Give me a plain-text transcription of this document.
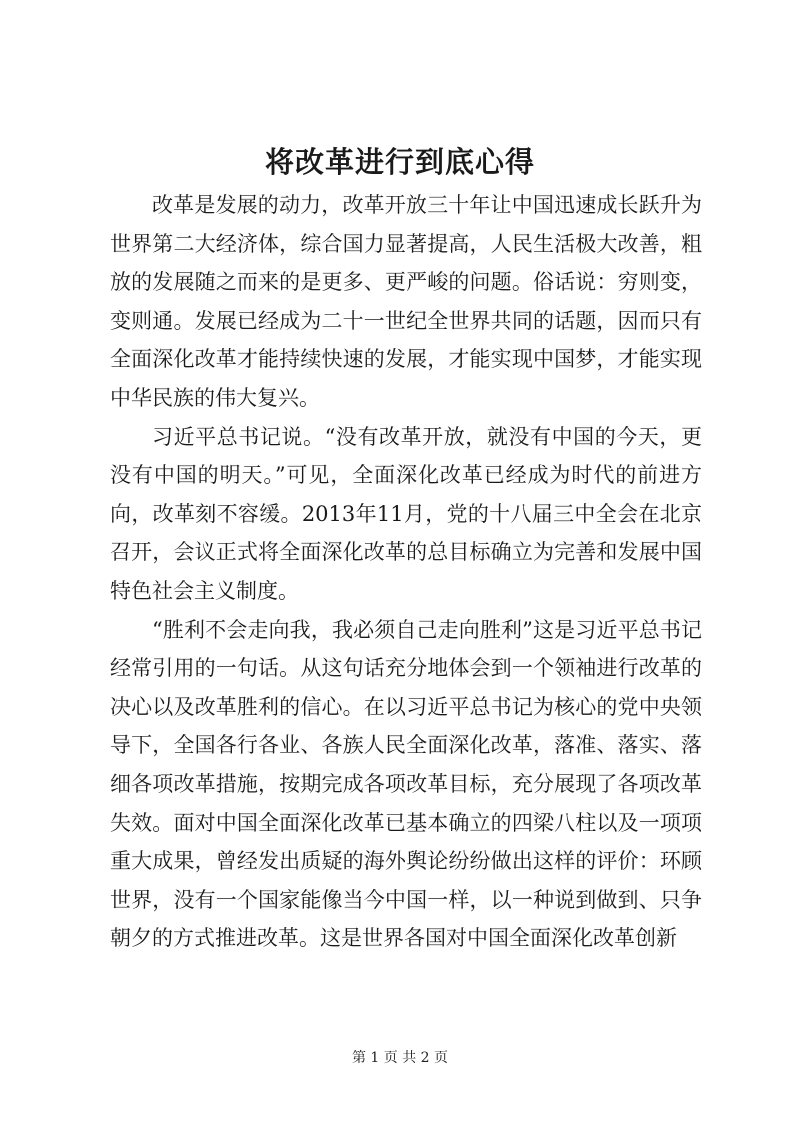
将改革进行到底心得

改革是发展的动力，改革开放三十年让中国迅速成长跃升为世界第二大经济体，综合国力显著提高，人民生活极大改善，粗放的发展随之而来的是更多、更严峻的问题。俗话说：穷则变，变则通。发展已经成为二十一世纪全世界共同的话题，因而只有全面深化改革才能持续快速的发展，才能实现中国梦，才能实现中华民族的伟大复兴。

习近平总书记说。“没有改革开放，就没有中国的今天，更没有中国的明天。”可见，全面深化改革已经成为时代的前进方向，改革刻不容缓。2013年11月，党的十八届三中全会在北京召开，会议正式将全面深化改革的总目标确立为完善和发展中国特色社会主义制度。

“胜利不会走向我，我必须自己走向胜利”这是习近平总书记经常引用的一句话。从这句话充分地体会到一个领袖进行改革的决心以及改革胜利的信心。在以习近平总书记为核心的党中央领导下，全国各行各业、各族人民全面深化改革，落准、落实、落细各项改革措施，按期完成各项改革目标，充分展现了各项改革失效。面对中国全面深化改革已基本确立的四梁八柱以及一项项重大成果，曾经发出质疑的海外舆论纷纷做出这样的评价：环顾世界，没有一个国家能像当今中国一样，以一种说到做到、只争朝夕的方式推进改革。这是世界各国对中国全面深化改革创新

第 1 页 共 2 页
